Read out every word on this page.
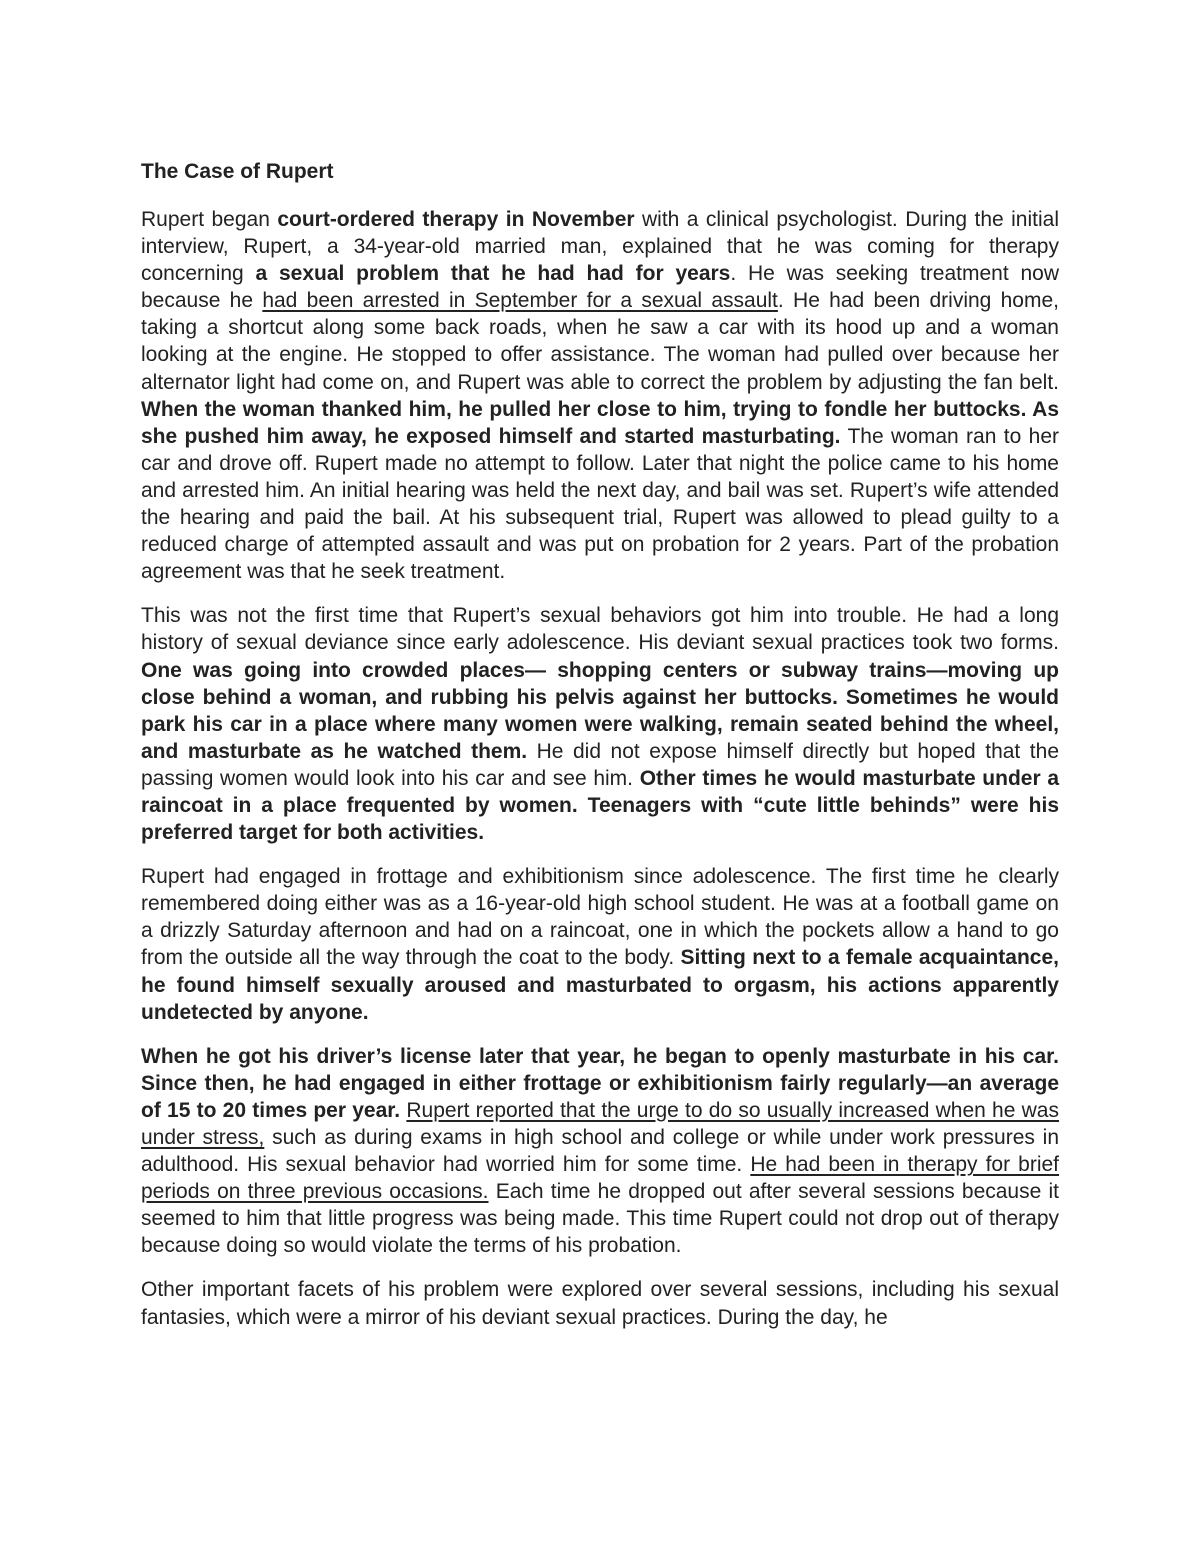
The Case of Rupert

Rupert began court-ordered therapy in November with a clinical psychologist. During the initial interview, Rupert, a 34-year-old married man, explained that he was coming for therapy concerning a sexual problem that he had had for years. He was seeking treatment now because he had been arrested in September for a sexual assault. He had been driving home, taking a shortcut along some back roads, when he saw a car with its hood up and a woman looking at the engine. He stopped to offer assistance. The woman had pulled over because her alternator light had come on, and Rupert was able to correct the problem by adjusting the fan belt. When the woman thanked him, he pulled her close to him, trying to fondle her buttocks. As she pushed him away, he exposed himself and started masturbating. The woman ran to her car and drove off. Rupert made no attempt to follow. Later that night the police came to his home and arrested him. An initial hearing was held the next day, and bail was set. Rupert’s wife attended the hearing and paid the bail. At his subsequent trial, Rupert was allowed to plead guilty to a reduced charge of attempted assault and was put on probation for 2 years. Part of the probation agreement was that he seek treatment.

This was not the first time that Rupert’s sexual behaviors got him into trouble. He had a long history of sexual deviance since early adolescence. His deviant sexual practices took two forms. One was going into crowded places— shopping centers or subway trains—moving up close behind a woman, and rubbing his pelvis against her buttocks. Sometimes he would park his car in a place where many women were walking, remain seated behind the wheel, and masturbate as he watched them. He did not expose himself directly but hoped that the passing women would look into his car and see him. Other times he would masturbate under a raincoat in a place frequented by women. Teenagers with “cute little behinds” were his preferred target for both activities.

Rupert had engaged in frottage and exhibitionism since adolescence. The first time he clearly remembered doing either was as a 16-year-old high school student. He was at a football game on a drizzly Saturday afternoon and had on a raincoat, one in which the pockets allow a hand to go from the outside all the way through the coat to the body. Sitting next to a female acquaintance, he found himself sexually aroused and masturbated to orgasm, his actions apparently undetected by anyone.

When he got his driver’s license later that year, he began to openly masturbate in his car. Since then, he had engaged in either frottage or exhibitionism fairly regularly—an average of 15 to 20 times per year. Rupert reported that the urge to do so usually increased when he was under stress, such as during exams in high school and college or while under work pressures in adulthood. His sexual behavior had worried him for some time. He had been in therapy for brief periods on three previous occasions. Each time he dropped out after several sessions because it seemed to him that little progress was being made. This time Rupert could not drop out of therapy because doing so would violate the terms of his probation.

Other important facets of his problem were explored over several sessions, including his sexual fantasies, which were a mirror of his deviant sexual practices. During the day, he
